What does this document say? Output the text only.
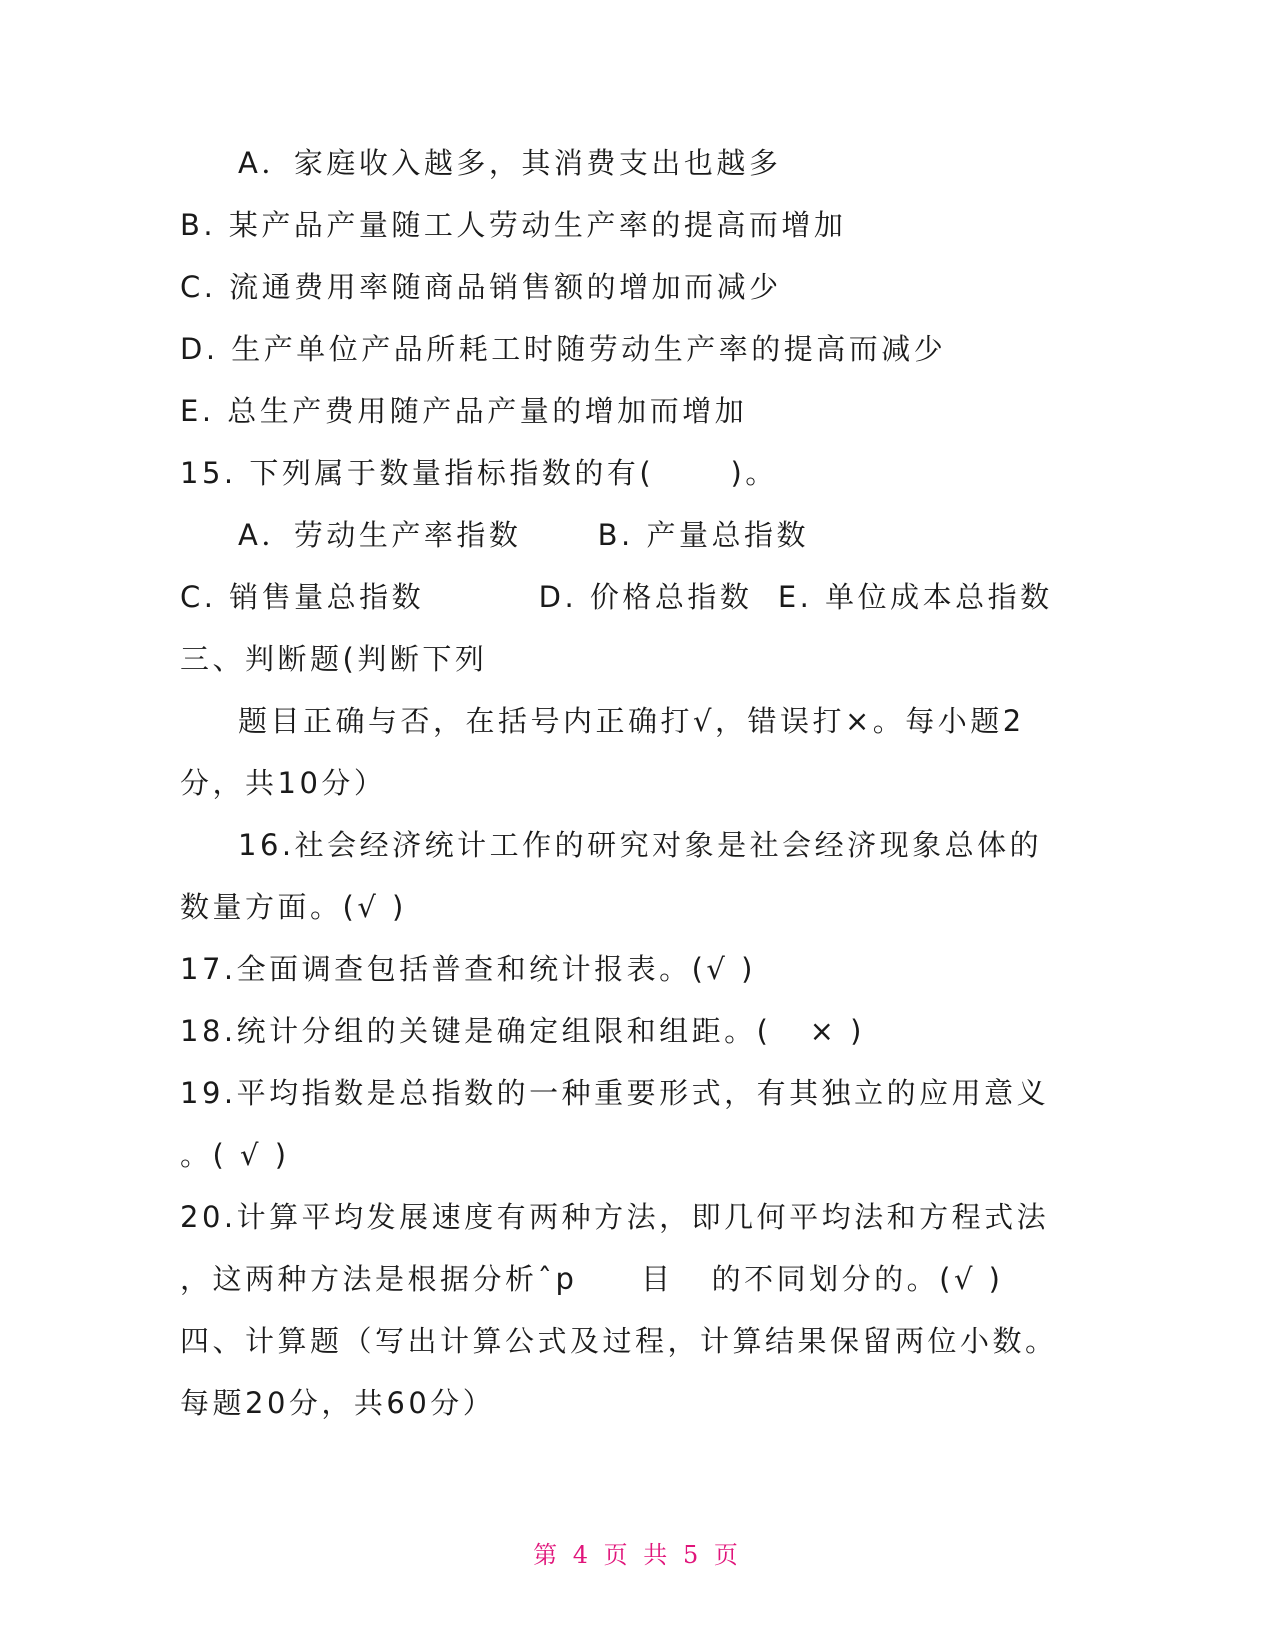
A．家庭收入越多，其消费支出也越多
B. 某产品产量随工人劳动生产率的提高而增加
C. 流通费用率随商品销售额的增加而减少
D. 生产单位产品所耗工时随劳动生产率的提高而减少
E. 总生产费用随产品产量的增加而增加
15. 下列属于数量指标指数的有(      )。
A．劳动生产率指数      B. 产量总指数
C. 销售量总指数         D. 价格总指数  E. 单位成本总指数
三、判断题(判断下列
题目正确与否，在括号内正确打√，错误打×。每小题2
分，共10分）
16.社会经济统计工作的研究对象是社会经济现象总体的
数量方面。(√ )
17.全面调查包括普查和统计报表。(√ )
18.统计分组的关键是确定组限和组距。(   × )
19.平均指数是总指数的一种重要形式，有其独立的应用意义
。( √ )
20.计算平均发展速度有两种方法，即几何平均法和方程式法
，这两种方法是根据分析ˆp     目   的不同划分的。(√ )
四、计算题（写出计算公式及过程，计算结果保留两位小数。
每题20分，共60分）
第 4 页 共 5 页
